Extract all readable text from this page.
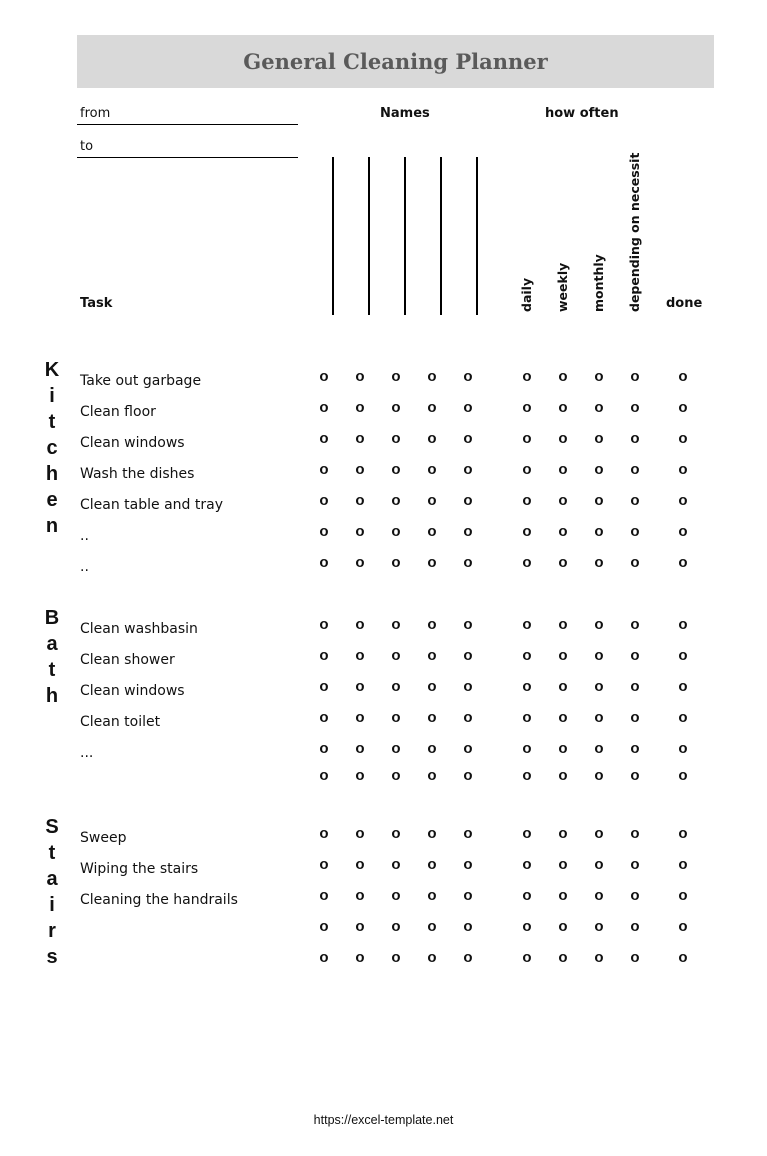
General Cleaning Planner
from
to
Names	how often
Task	done
daily weekly monthly depending on necessit
K
i
t
c
h
e
n
Take out garbage	o	o	o	o	o	o	o	o	o	o
Clean floor	o	o	o	o	o	o	o	o	o	o
Clean windows	o	o	o	o	o	o	o	o	o	o
Wash the dishes	o	o	o	o	o	o	o	o	o	o
Clean table and tray	o	o	o	o	o	o	o	o	o	o
..	o	o	o	o	o	o	o	o	o	o
..	o	o	o	o	o	o	o	o	o	o
B
a
t
h
Clean washbasin	o	o	o	o	o	o	o	o	o	o
Clean shower	o	o	o	o	o	o	o	o	o	o
Clean windows	o	o	o	o	o	o	o	o	o	o
Clean toilet	o	o	o	o	o	o	o	o	o	o
...	o	o	o	o	o	o	o	o	o	o
o	o	o	o	o	o	o	o	o	o
S
t
a
i
r
s
Sweep	o	o	o	o	o	o	o	o	o	o
Wiping the stairs	o	o	o	o	o	o	o	o	o	o
Cleaning the handrails	o	o	o	o	o	o	o	o	o	o
o	o	o	o	o	o	o	o	o	o
o	o	o	o	o	o	o	o	o	o
https://excel-template.net
